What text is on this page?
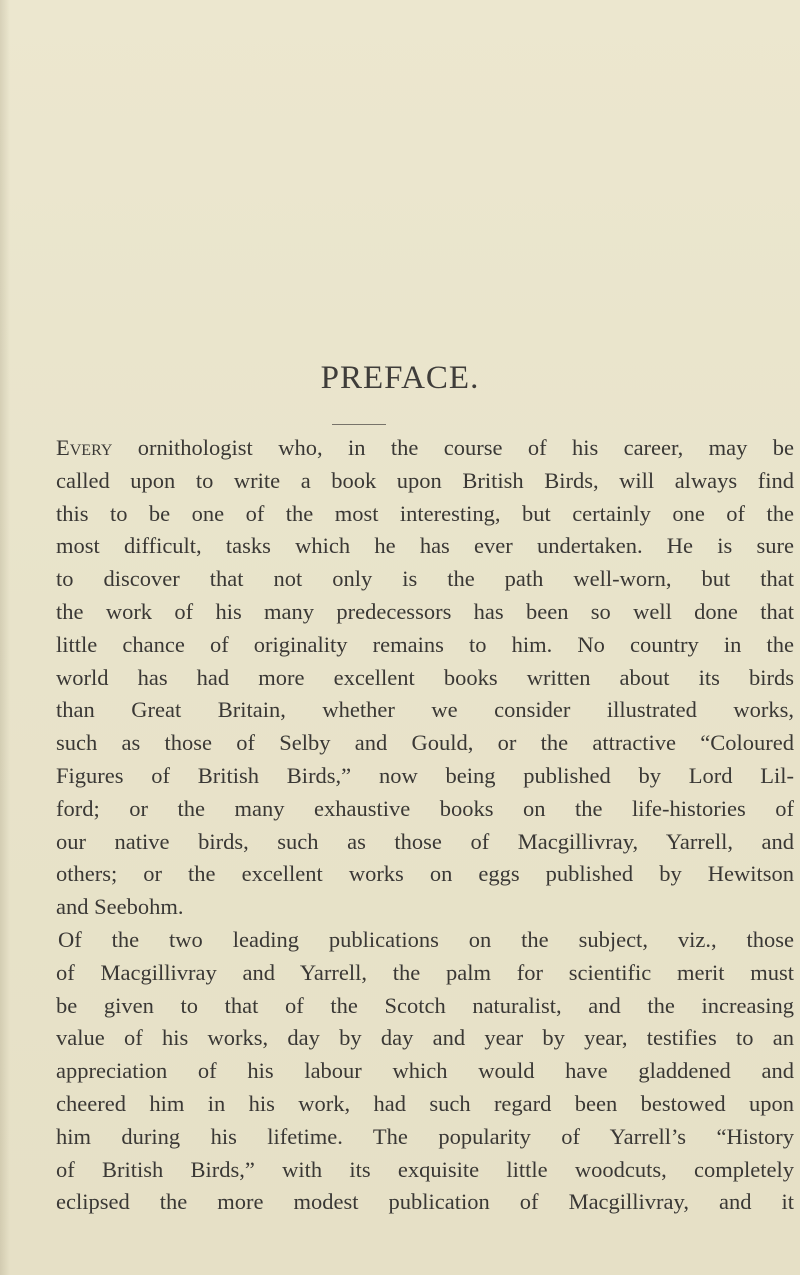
PREFACE.
Every ornithologist who, in the course of his career, may be
called upon to write a book upon British Birds, will always find
this to be one of the most interesting, but certainly one of the
most difficult, tasks which he has ever undertaken. He is sure
to discover that not only is the path well-worn, but that
the work of his many predecessors has been so well done that
little chance of originality remains to him. No country in the
world has had more excellent books written about its birds
than Great Britain, whether we consider illustrated works,
such as those of Selby and Gould, or the attractive “Coloured
Figures of British Birds,” now being published by Lord Lil-
ford; or the many exhaustive books on the life-histories of
our native birds, such as those of Macgillivray, Yarrell, and
others; or the excellent works on eggs published by Hewitson
and Seebohm.
Of the two leading publications on the subject, viz., those
of Macgillivray and Yarrell, the palm for scientific merit must
be given to that of the Scotch naturalist, and the increasing
value of his works, day by day and year by year, testifies to an
appreciation of his labour which would have gladdened and
cheered him in his work, had such regard been bestowed upon
him during his lifetime. The popularity of Yarrell’s “History
of British Birds,” with its exquisite little woodcuts, completely
eclipsed the more modest publication of Macgillivray, and it
